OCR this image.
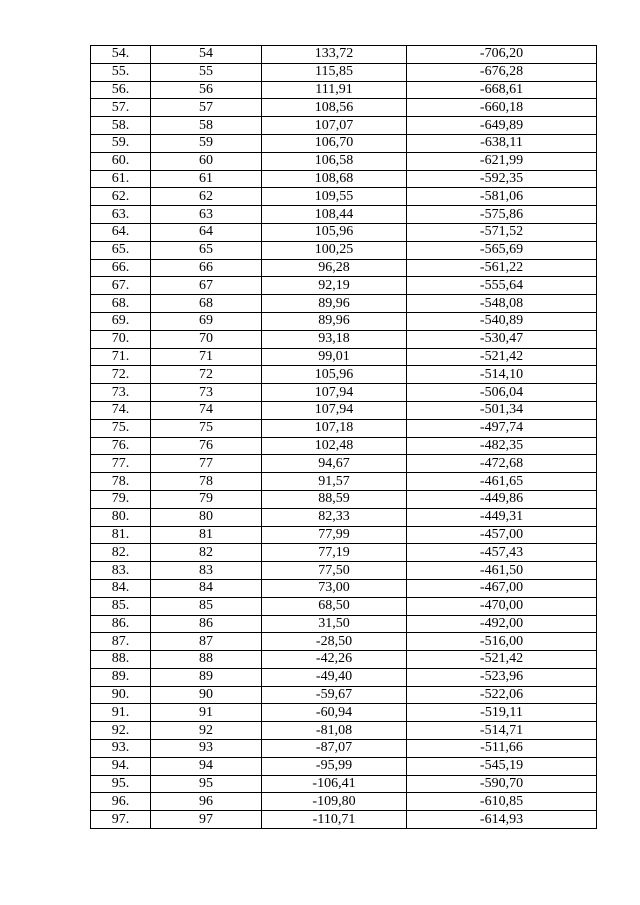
54.	54	133,72	-706,20
55.	55	115,85	-676,28
56.	56	111,91	-668,61
57.	57	108,56	-660,18
58.	58	107,07	-649,89
59.	59	106,70	-638,11
60.	60	106,58	-621,99
61.	61	108,68	-592,35
62.	62	109,55	-581,06
63.	63	108,44	-575,86
64.	64	105,96	-571,52
65.	65	100,25	-565,69
66.	66	96,28	-561,22
67.	67	92,19	-555,64
68.	68	89,96	-548,08
69.	69	89,96	-540,89
70.	70	93,18	-530,47
71.	71	99,01	-521,42
72.	72	105,96	-514,10
73.	73	107,94	-506,04
74.	74	107,94	-501,34
75.	75	107,18	-497,74
76.	76	102,48	-482,35
77.	77	94,67	-472,68
78.	78	91,57	-461,65
79.	79	88,59	-449,86
80.	80	82,33	-449,31
81.	81	77,99	-457,00
82.	82	77,19	-457,43
83.	83	77,50	-461,50
84.	84	73,00	-467,00
85.	85	68,50	-470,00
86.	86	31,50	-492,00
87.	87	-28,50	-516,00
88.	88	-42,26	-521,42
89.	89	-49,40	-523,96
90.	90	-59,67	-522,06
91.	91	-60,94	-519,11
92.	92	-81,08	-514,71
93.	93	-87,07	-511,66
94.	94	-95,99	-545,19
95.	95	-106,41	-590,70
96.	96	-109,80	-610,85
97.	97	-110,71	-614,93
